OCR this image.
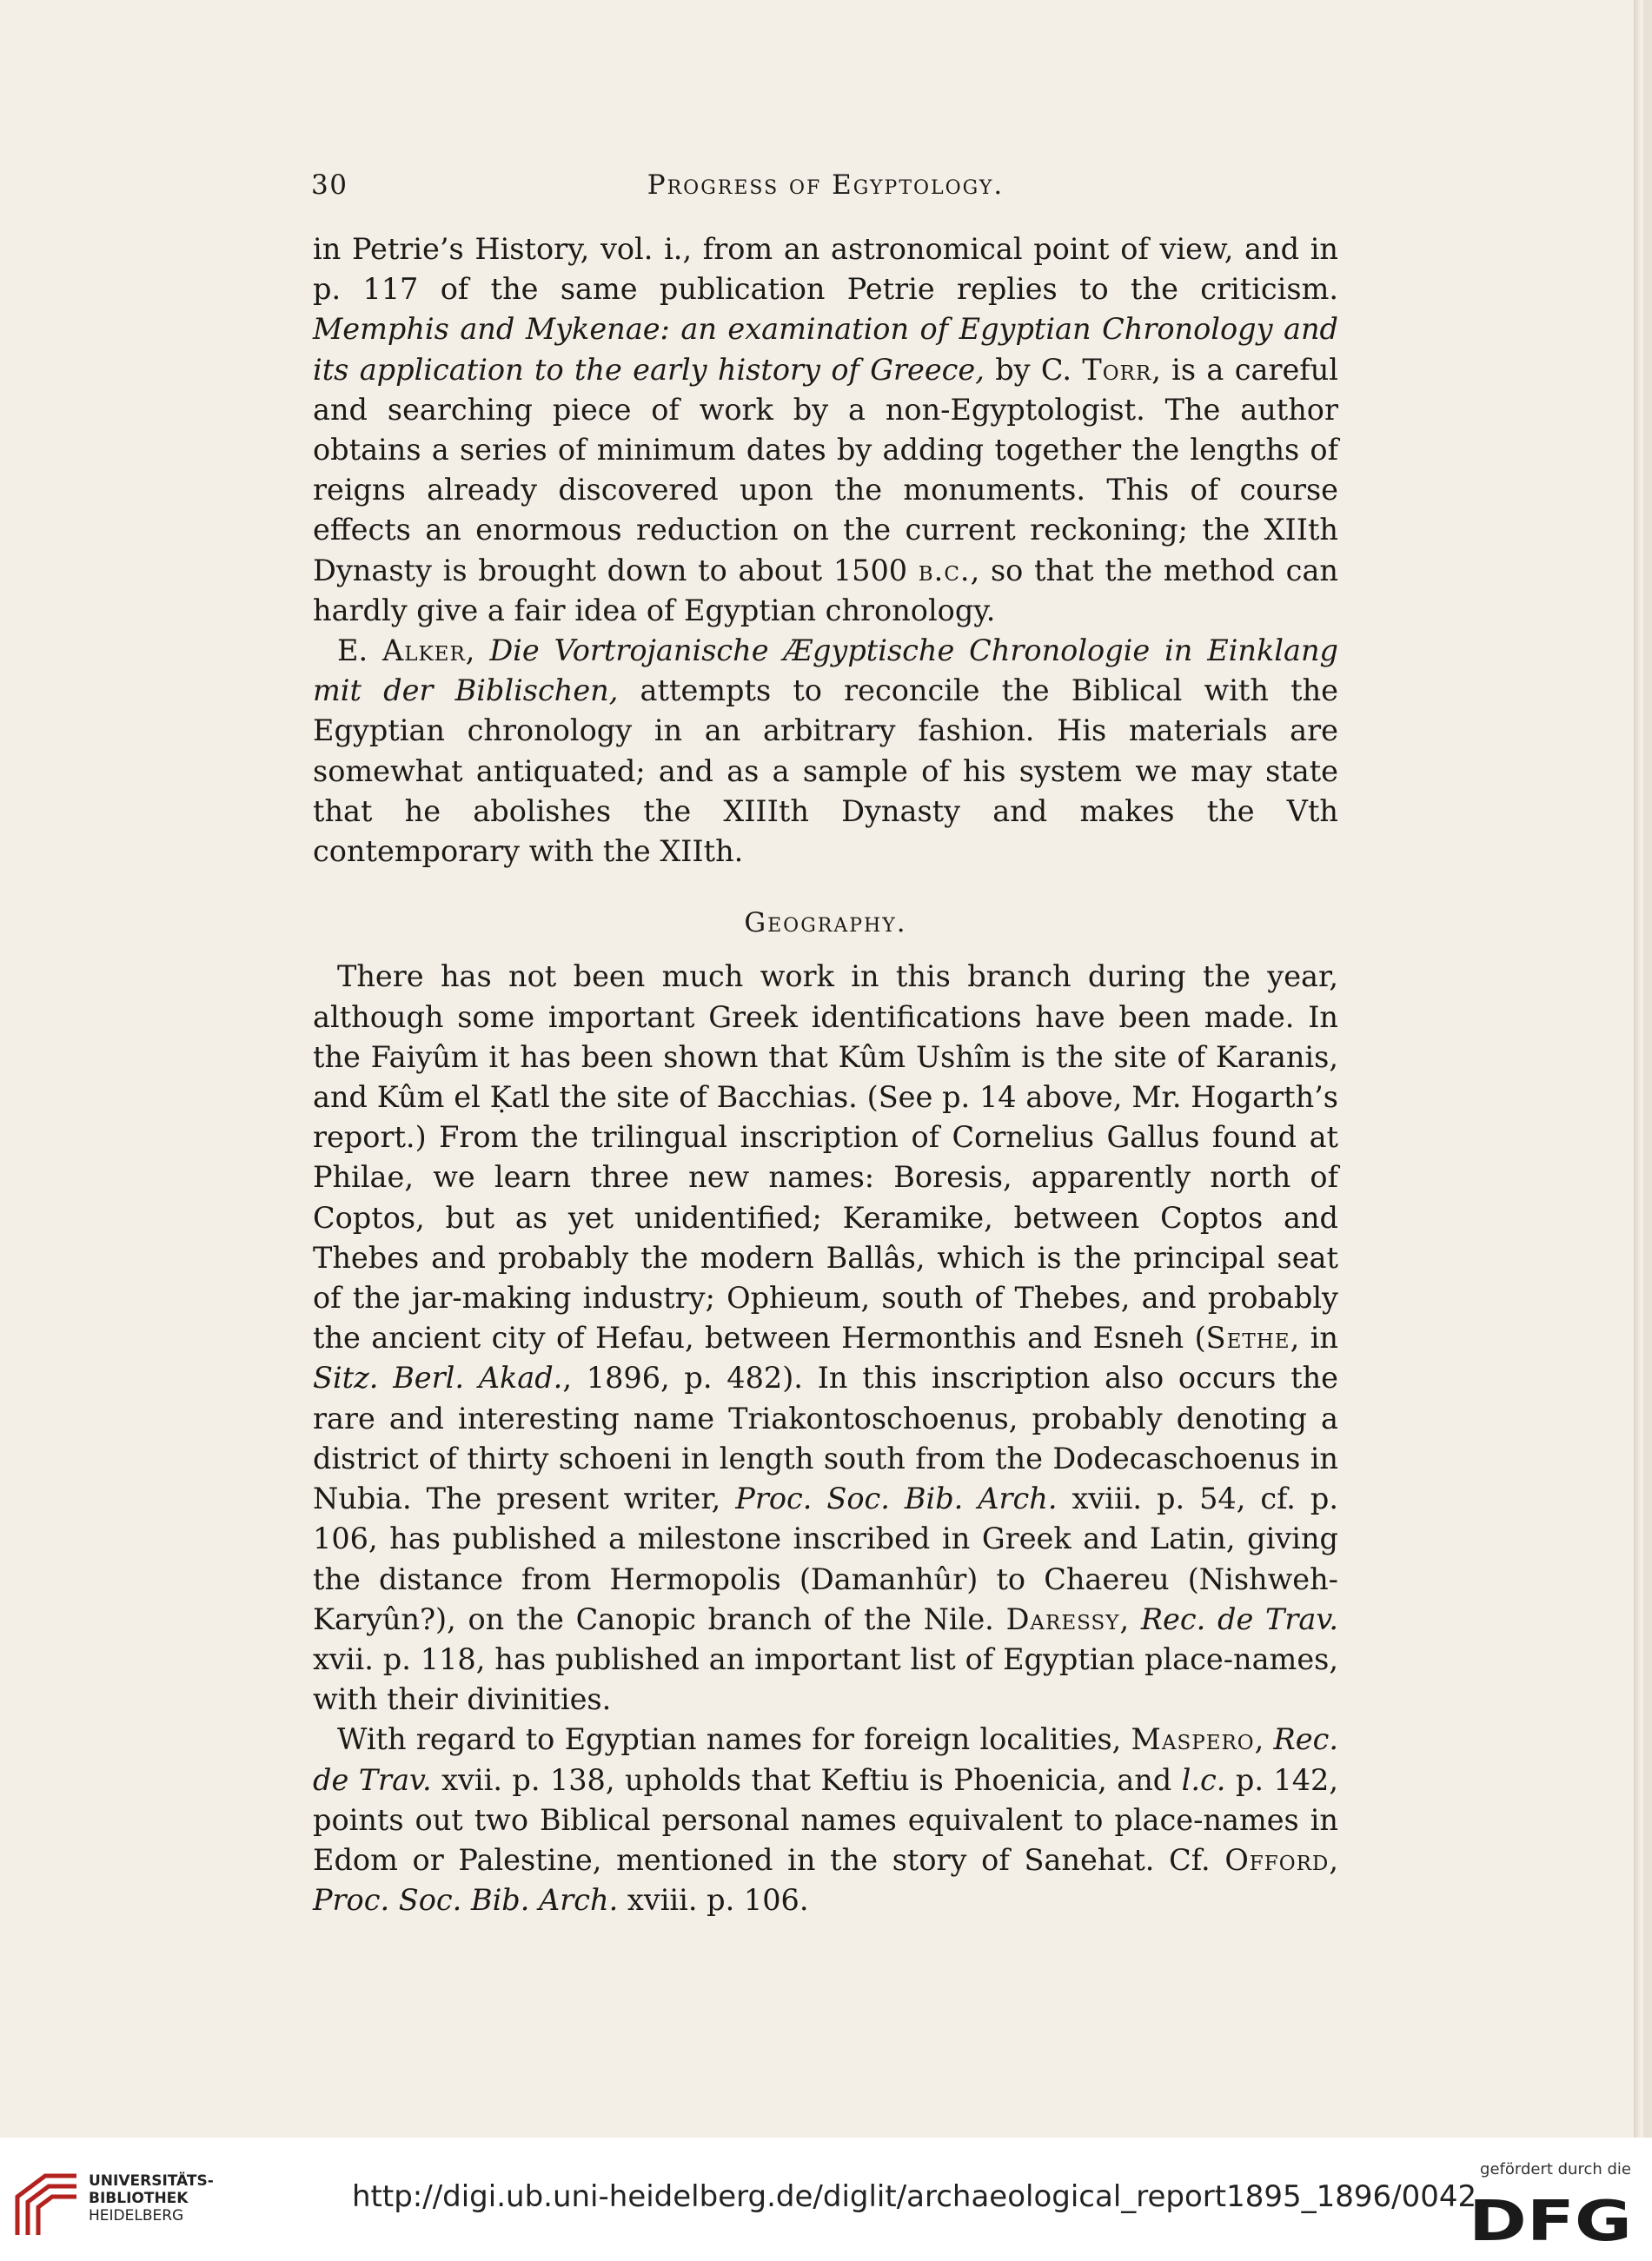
30	Progress of Egyptology.

in Petrie’s History, vol. i., from an astronomical point of view, and in p. 117 of the same publication Petrie replies to the criticism. Memphis and Mykenae: an examination of Egyptian Chronology and its application to the early history of Greece, by C. Torr, is a careful and searching piece of work by a non-Egyptologist. The author obtains a series of minimum dates by adding together the lengths of reigns already discovered upon the monuments. This of course effects an enormous reduction on the current reckoning; the XIIth Dynasty is brought down to about 1500 b.c., so that the method can hardly give a fair idea of Egyptian chronology.

E. Alker, Die Vortrojanische Ægyptische Chronologie in Einklang mit der Biblischen, attempts to reconcile the Biblical with the Egyptian chronology in an arbitrary fashion. His materials are somewhat antiquated; and as a sample of his system we may state that he abolishes the XIIIth Dynasty and makes the Vth contemporary with the XIIth.

Geography.

There has not been much work in this branch during the year, although some important Greek identifications have been made. In the Faiyûm it has been shown that Kûm Ushîm is the site of Karanis, and Kûm el Ḳatl the site of Bacchias. (See p. 14 above, Mr. Hogarth’s report.) From the trilingual inscription of Cornelius Gallus found at Philae, we learn three new names: Boresis, apparently north of Coptos, but as yet unidentified; Keramike, between Coptos and Thebes and probably the modern Ballâs, which is the principal seat of the jar-making industry; Ophieum, south of Thebes, and probably the ancient city of Hefau, between Hermonthis and Esneh (Sethe, in Sitz. Berl. Akad., 1896, p. 482). In this inscription also occurs the rare and interesting name Triakontoschoenus, probably denoting a district of thirty schoeni in length south from the Dodecaschoenus in Nubia. The present writer, Proc. Soc. Bib. Arch. xviii. p. 54, cf. p. 106, has published a milestone inscribed in Greek and Latin, giving the distance from Hermopolis (Damanhûr) to Chaereu (Nishweh-Karyûn?), on the Canopic branch of the Nile. Daressy, Rec. de Trav. xvii. p. 118, has published an important list of Egyptian place-names, with their divinities.

With regard to Egyptian names for foreign localities, Maspero, Rec. de Trav. xvii. p. 138, upholds that Keftiu is Phoenicia, and l.c. p. 142, points out two Biblical personal names equivalent to place-names in Edom or Palestine, mentioned in the story of Sanehat. Cf. Offord, Proc. Soc. Bib. Arch. xviii. p. 106.

UNIVERSITÄTS-
BIBLIOTHEK
HEIDELBERG
http://digi.ub.uni-heidelberg.de/diglit/archaeological_report1895_1896/0042
gefördert durch die
DFG
